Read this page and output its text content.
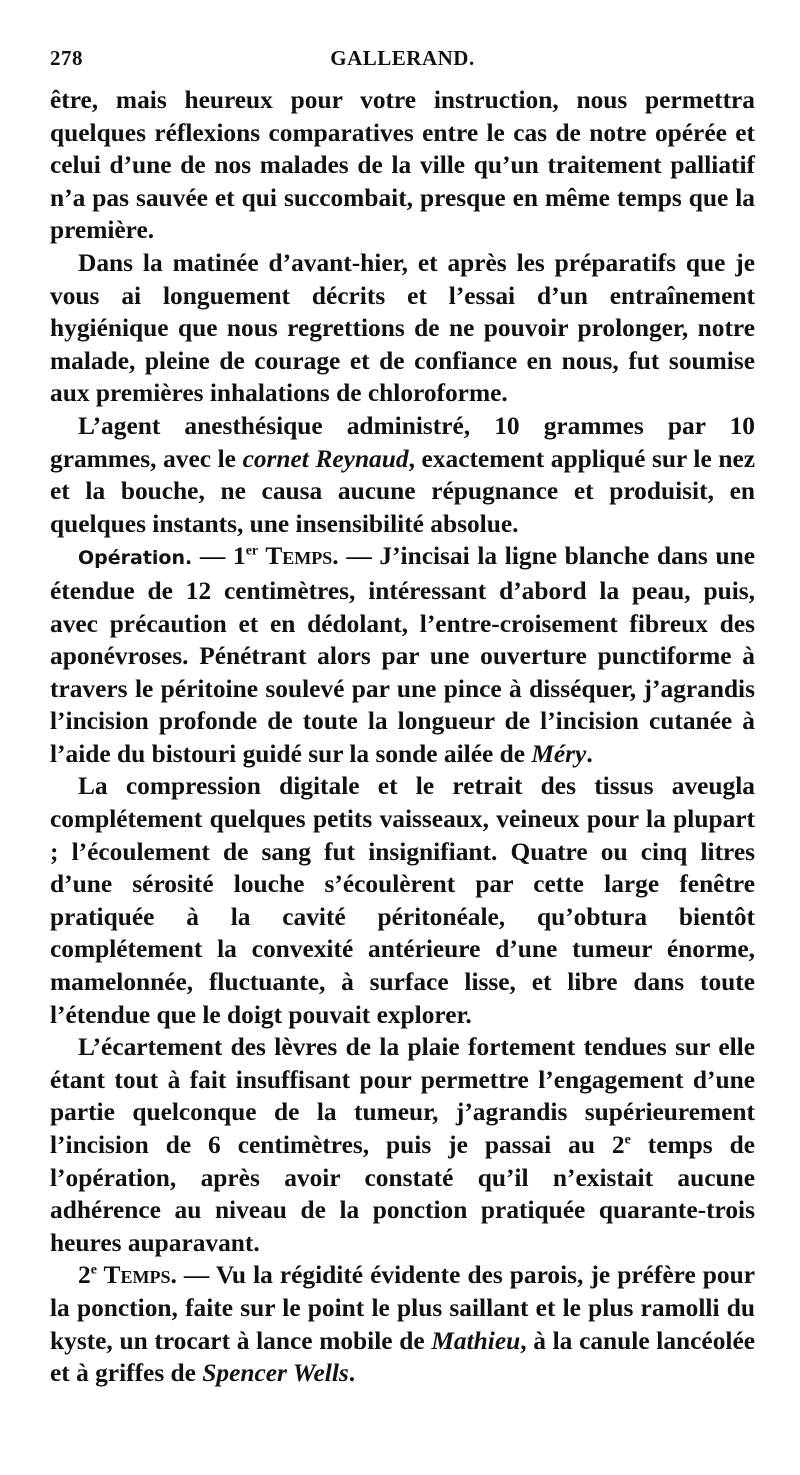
278	GALLERAND.

être, mais heureux pour votre instruction, nous permettra quelques réflexions comparatives entre le cas de notre opérée et celui d’une de nos malades de la ville qu’un traitement palliatif n’a pas sauvée et qui succombait, presque en même temps que la première.

Dans la matinée d’avant-hier, et après les préparatifs que je vous ai longuement décrits et l’essai d’un entraînement hygiénique que nous regrettions de ne pouvoir prolonger, notre malade, pleine de courage et de confiance en nous, fut soumise aux premières inhalations de chloroforme.

L’agent anesthésique administré, 10 grammes par 10 grammes, avec le cornet Reynaud, exactement appliqué sur le nez et la bouche, ne causa aucune répugnance et produisit, en quelques instants, une insensibilité absolue.

Opération. — 1er Temps. — J’incisai la ligne blanche dans une étendue de 12 centimètres, intéressant d’abord la peau, puis, avec précaution et en dédolant, l’entre-croisement fibreux des aponévroses. Pénétrant alors par une ouverture punctiforme à travers le péritoine soulevé par une pince à disséquer, j’agrandis l’incision profonde de toute la longueur de l’incision cutanée à l’aide du bistouri guidé sur la sonde ailée de Méry.

La compression digitale et le retrait des tissus aveugla complétement quelques petits vaisseaux, veineux pour la plupart ; l’écoulement de sang fut insignifiant. Quatre ou cinq litres d’une sérosité louche s’écoulèrent par cette large fenêtre pratiquée à la cavité péritonéale, qu’obtura bientôt complétement la convexité antérieure d’une tumeur énorme, mamelonnée, fluctuante, à surface lisse, et libre dans toute l’étendue que le doigt pouvait explorer.

L’écartement des lèvres de la plaie fortement tendues sur elle étant tout à fait insuffisant pour permettre l’engagement d’une partie quelconque de la tumeur, j’agrandis supérieurement l’incision de 6 centimètres, puis je passai au 2e temps de l’opération, après avoir constaté qu’il n’existait aucune adhérence au niveau de la ponction pratiquée quarante-trois heures auparavant.

2e Temps. — Vu la régidité évidente des parois, je préfère pour la ponction, faite sur le point le plus saillant et le plus ramolli du kyste, un trocart à lance mobile de Mathieu, à la canule lancéolée et à griffes de Spencer Wells.
